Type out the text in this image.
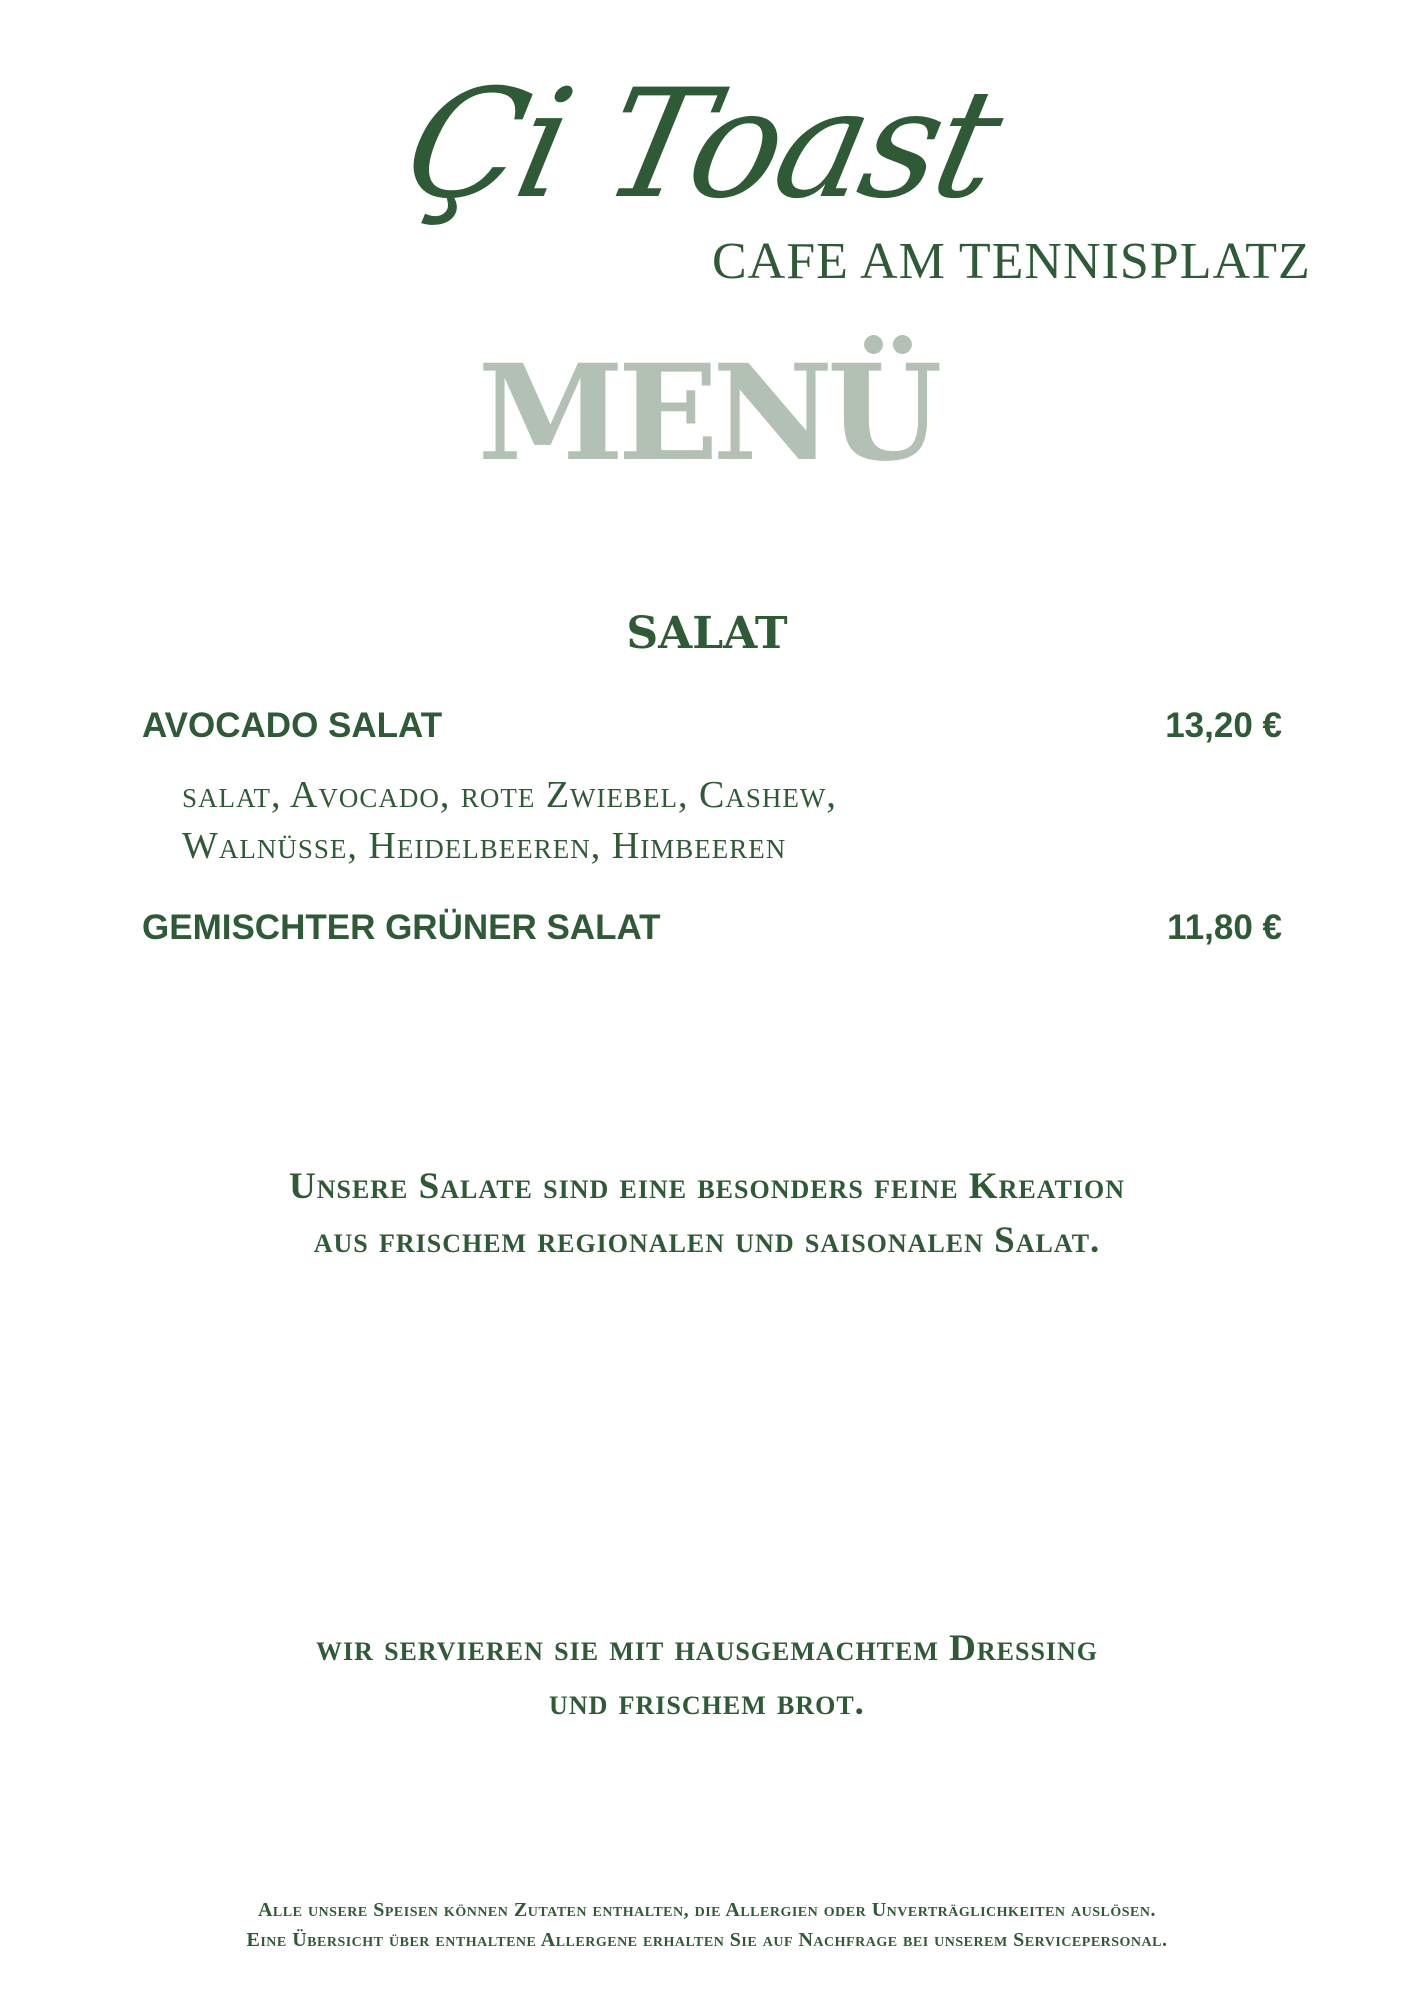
Çi Toast
CAFE AM TENNISPLATZ
MENÜ
SALAT
AVOCADO SALAT	13,20 €
salat, Avocado, rote Zwiebel, Cashew,
Walnüsse, Heidelbeeren, Himbeeren
GEMISCHTER GRÜNER SALAT	11,80 €
Unsere Salate sind eine besonders feine Kreation
aus frischem regionalen und saisonalen Salat.
wir servieren sie mit hausgemachtem Dressing
und frischem brot.
Alle unsere Speisen können Zutaten enthalten, die Allergien oder Unverträglichkeiten auslösen.
Eine Übersicht über enthaltene Allergene erhalten Sie auf Nachfrage bei unserem Servicepersonal.
